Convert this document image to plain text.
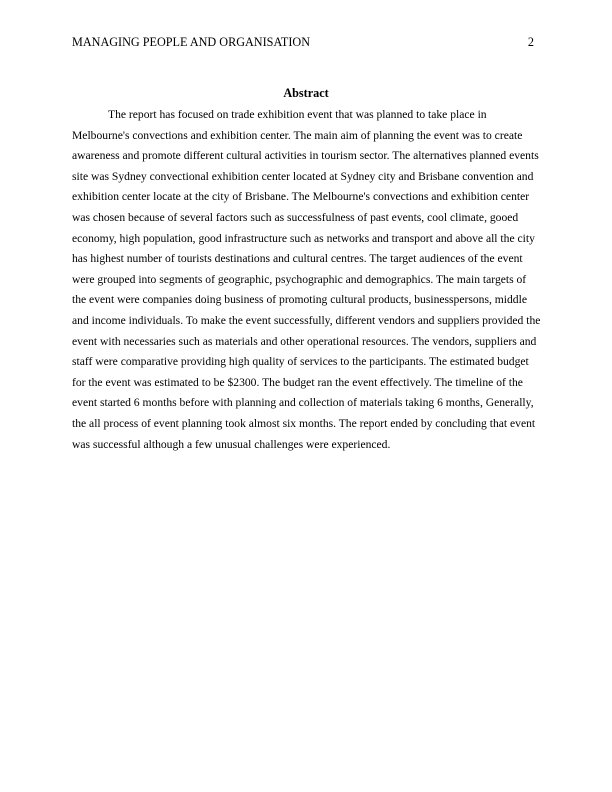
MANAGING PEOPLE AND ORGANISATION	2
Abstract

The report has focused on trade exhibition event that was planned to take place in Melbourne's convections and exhibition center. The main aim of planning the event was to create awareness and promote different cultural activities in tourism sector. The alternatives planned events site was Sydney convectional exhibition center located at Sydney city and Brisbane convention and exhibition center locate at the city of Brisbane. The Melbourne's convections and exhibition center was chosen because of several factors such as successfulness of past events, cool climate, gooed economy, high population, good infrastructure such as networks and transport and above all the city has highest number of tourists destinations and cultural centres. The target audiences of the event were grouped into segments of geographic, psychographic and demographics. The main targets of the event were companies doing business of promoting cultural products, businesspersons, middle and income individuals. To make the event successfully, different vendors and suppliers provided the event with necessaries such as materials and other operational resources. The vendors, suppliers and staff were comparative providing high quality of services to the participants. The estimated budget for the event was estimated to be $2300. The budget ran the event effectively. The timeline of the event started 6 months before with planning and collection of materials taking 6 months, Generally, the all process of event planning took almost six months. The report ended by concluding that event was successful although a few unusual challenges were experienced.
